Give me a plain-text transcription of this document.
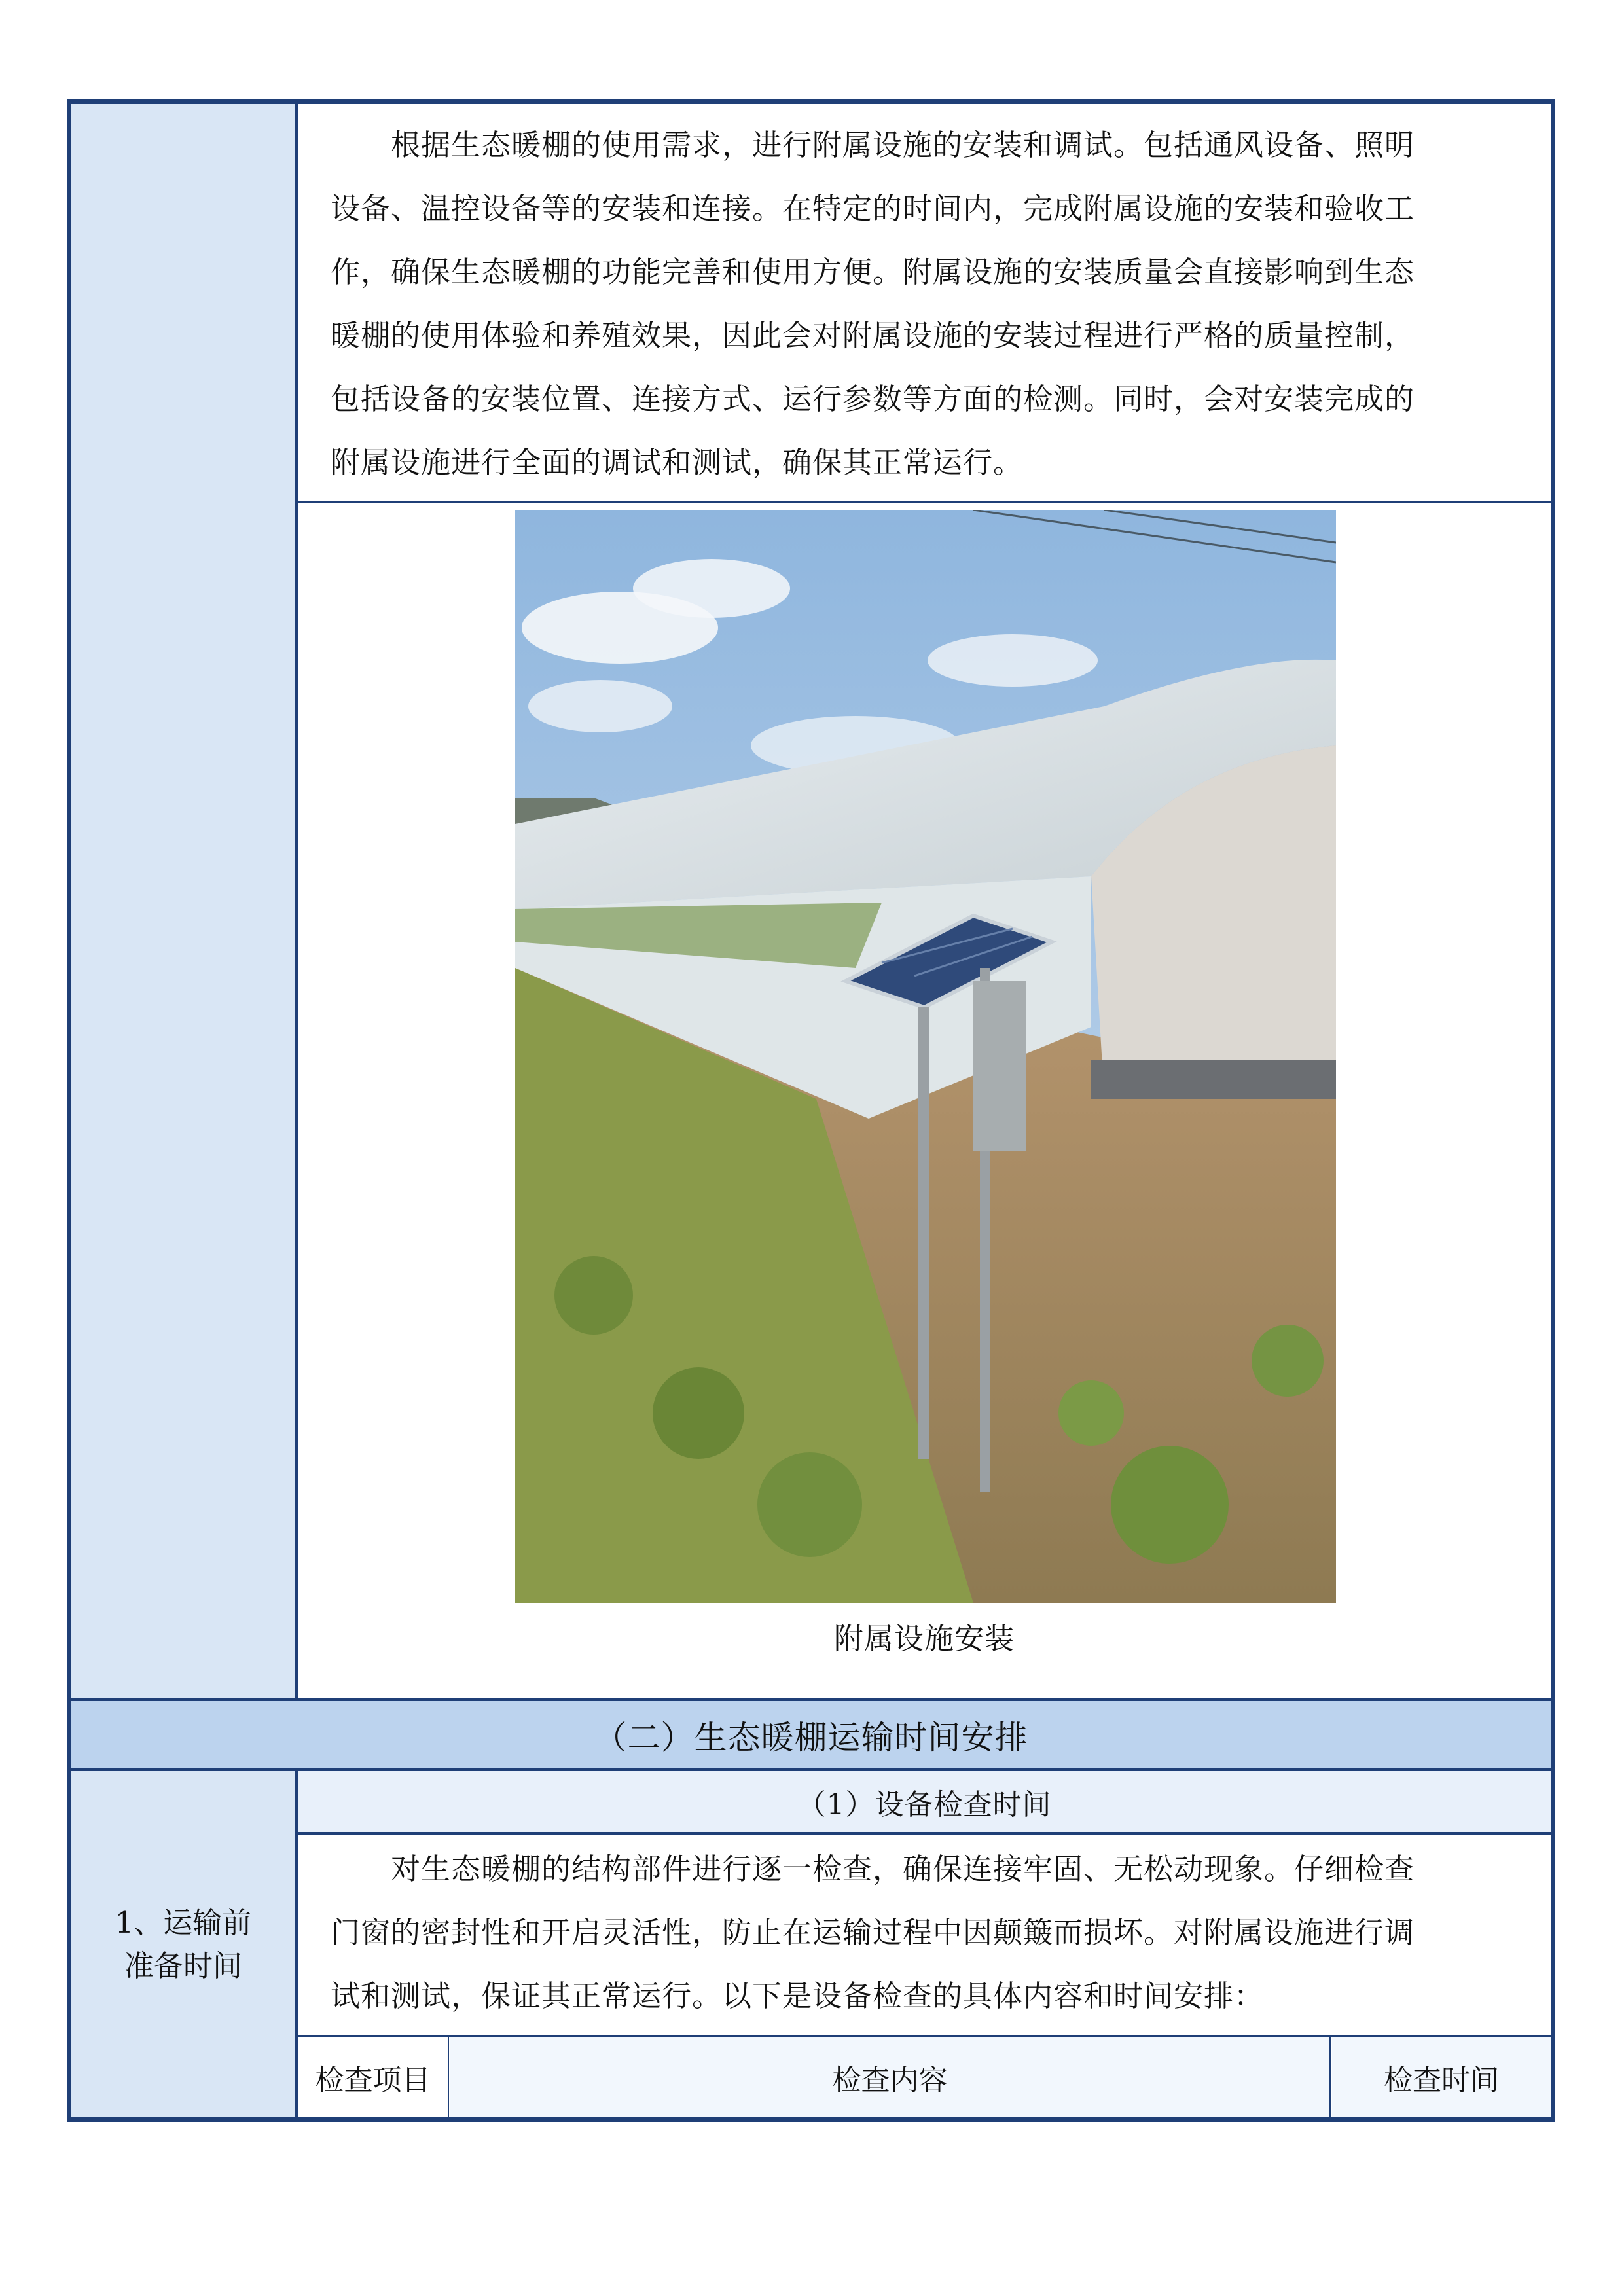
根据生态暖棚的使用需求，进行附属设施的安装和调试。包括通风设备、照明
设备、温控设备等的安装和连接。在特定的时间内，完成附属设施的安装和验收工
作，确保生态暖棚的功能完善和使用方便。附属设施的安装质量会直接影响到生态
暖棚的使用体验和养殖效果，因此会对附属设施的安装过程进行严格的质量控制，
包括设备的安装位置、连接方式、运行参数等方面的检测。同时，会对安装完成的
附属设施进行全面的调试和测试，确保其正常运行。
附属设施安装
（二）生态暖棚运输时间安排
1、运输前
准备时间
（1）设备检查时间
对生态暖棚的结构部件进行逐一检查，确保连接牢固、无松动现象。仔细检查
门窗的密封性和开启灵活性，防止在运输过程中因颠簸而损坏。对附属设施进行调
试和测试，保证其正常运行。以下是设备检查的具体内容和时间安排：
检查项目	检查内容	检查时间
